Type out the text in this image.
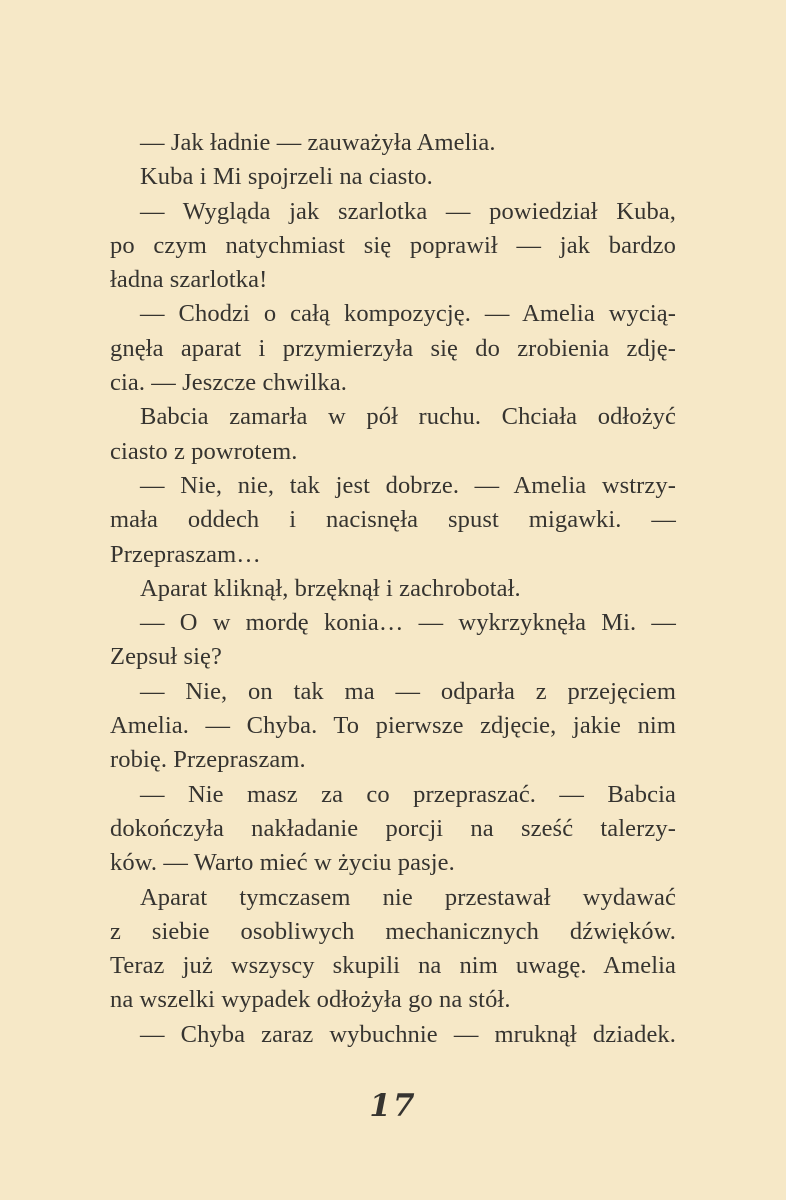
— Jak ładnie — zauważyła Amelia.
Kuba i Mi spojrzeli na ciasto.
— Wygląda jak szarlotka — powiedział Kuba,
po czym natychmiast się poprawił — jak bardzo
ładna szarlotka!
— Chodzi o całą kompozycję. — Amelia wycią-
gnęła aparat i przymierzyła się do zrobienia zdję-
cia. — Jeszcze chwilka.
Babcia zamarła w pół ruchu. Chciała odłożyć
ciasto z powrotem.
— Nie, nie, tak jest dobrze. — Amelia wstrzy-
mała oddech i nacisnęła spust migawki. —
Przepraszam…
Aparat kliknął, brzęknął i zachrobotał.
— O w mordę konia… — wykrzyknęła Mi. —
Zepsuł się?
— Nie, on tak ma — odparła z przejęciem
Amelia. — Chyba. To pierwsze zdjęcie, jakie nim
robię. Przepraszam.
— Nie masz za co przepraszać. — Babcia
dokończyła nakładanie porcji na sześć talerzy-
ków. — Warto mieć w życiu pasje.
Aparat tymczasem nie przestawał wydawać
z siebie osobliwych mechanicznych dźwięków.
Teraz już wszyscy skupili na nim uwagę. Amelia
na wszelki wypadek odłożyła go na stół.
— Chyba zaraz wybuchnie — mruknął dziadek.
17
